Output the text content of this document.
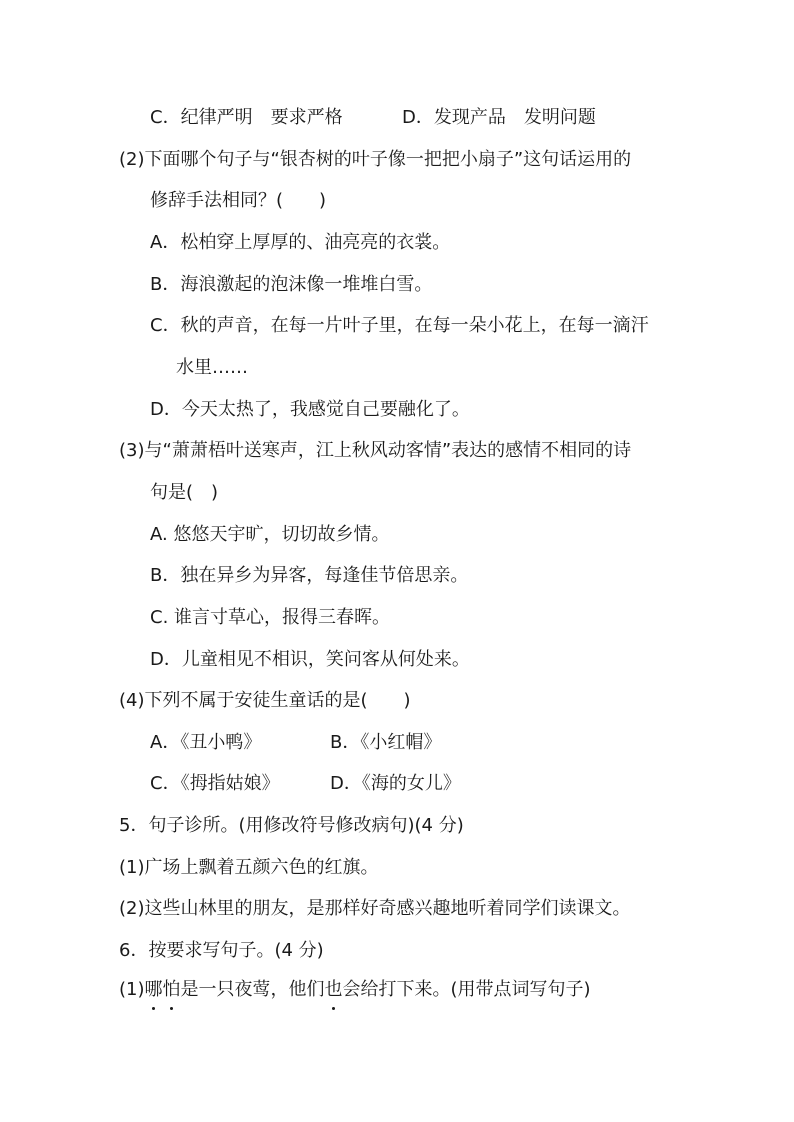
C．纪律严明　要求严格	D．发现产品　发明问题
(2)下面哪个句子与“银杏树的叶子像一把把小扇子”这句话运用的
修辞手法相同？(　　)
A．松柏穿上厚厚的、油亮亮的衣裳。
B．海浪激起的泡沫像一堆堆白雪。
C．秋的声音，在每一片叶子里，在每一朵小花上，在每一滴汗
水里……
D．今天太热了，我感觉自己要融化了。
(3)与“萧萧梧叶送寒声，江上秋风动客情”表达的感情不相同的诗
句是(　)
A. 悠悠天宇旷，切切故乡情。
B．独在异乡为异客，每逢佳节倍思亲。
C. 谁言寸草心，报得三春晖。
D．儿童相见不相识，笑问客从何处来。
(4)下列不属于安徒生童话的是(　　)
A．《丑小鸭》	B．《小红帽》
C．《拇指姑娘》	D．《海的女儿》
5．句子诊所。(用修改符号修改病句)(4 分)
(1)广场上飘着五颜六色的红旗。
(2)这些山林里的朋友，是那样好奇感兴趣地听着同学们读课文。
6．按要求写句子。(4 分)
(1)哪怕是一只夜莺，他们也会给打下来。(用带点词写句子)
